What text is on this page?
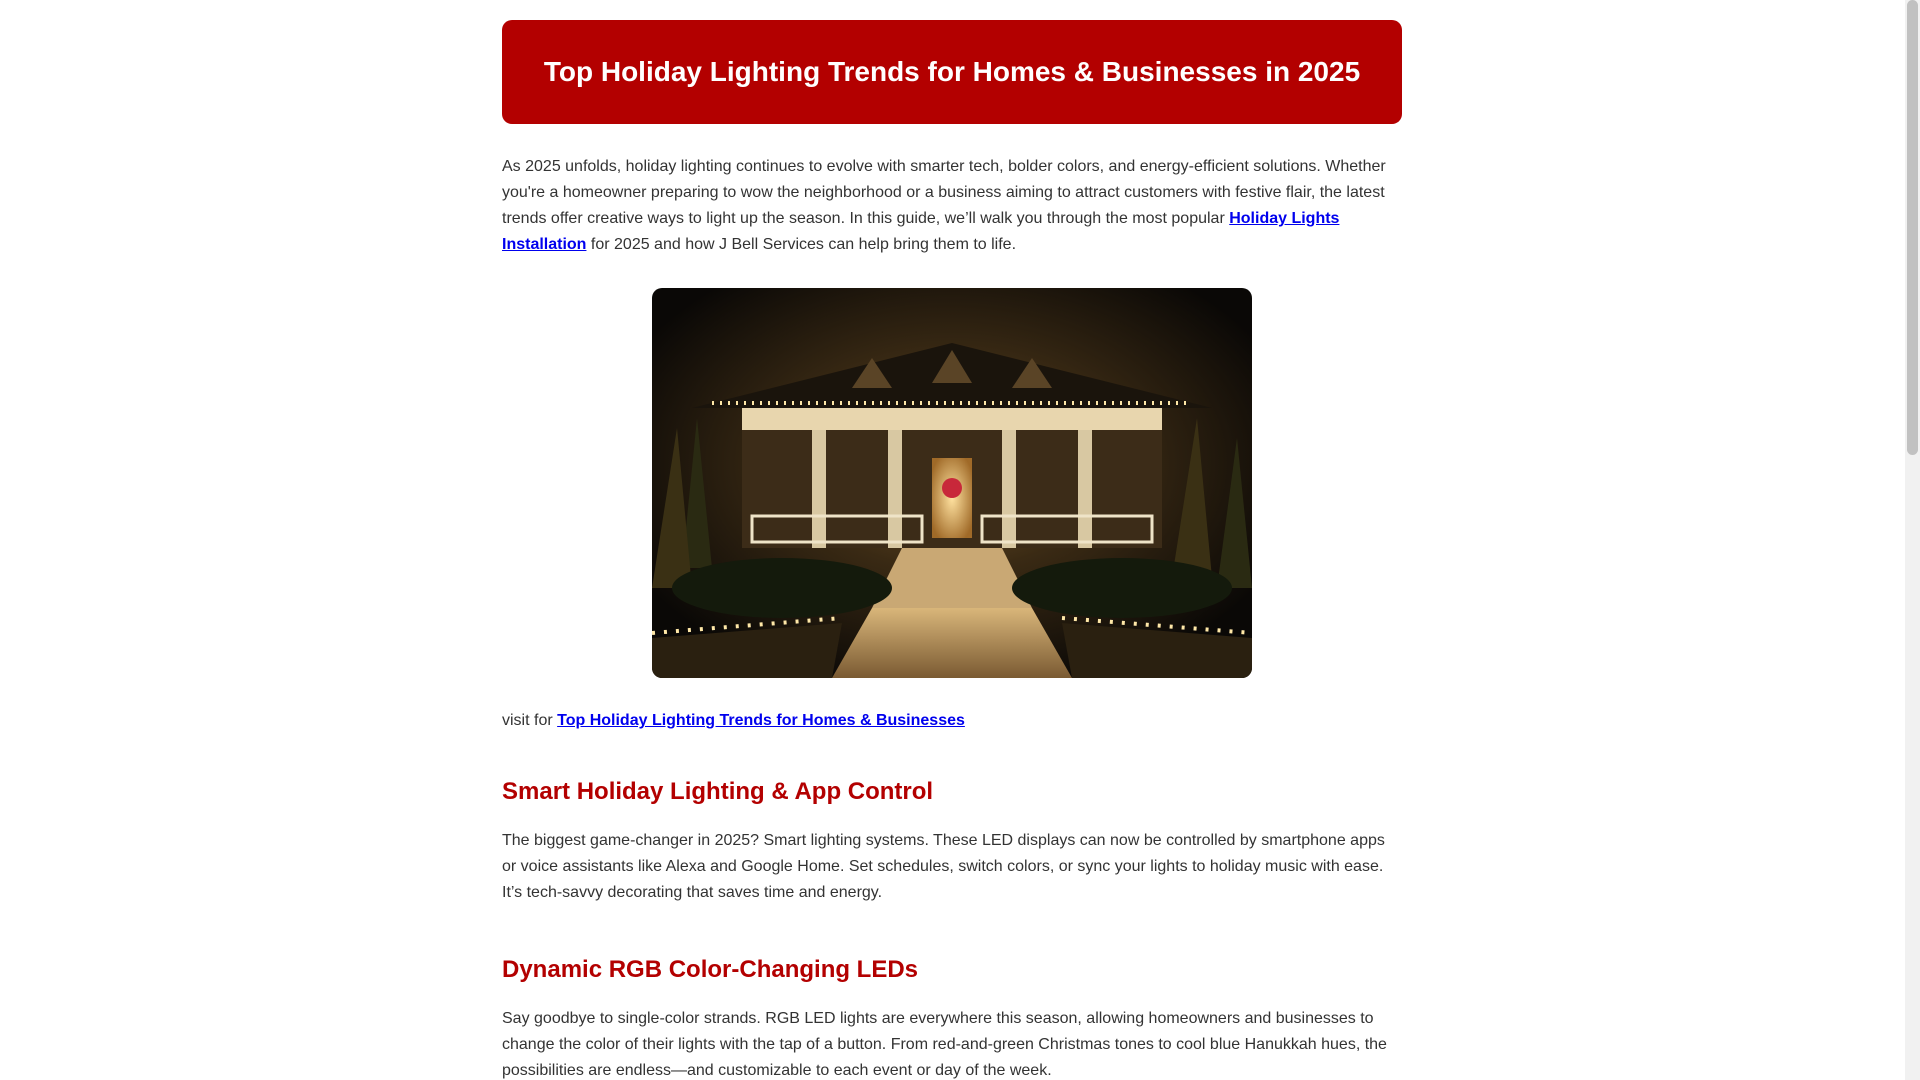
Top Holiday Lighting Trends for Homes & Businesses in 2025

As 2025 unfolds, holiday lighting continues to evolve with smarter tech, bolder colors, and energy-efficient solutions. Whether you're a homeowner preparing to wow the neighborhood or a business aiming to attract customers with festive flair, the latest trends offer creative ways to light up the season. In this guide, we’ll walk you through the most popular Holiday Lights Installation for 2025 and how J Bell Services can help bring them to life.

visit for Top Holiday Lighting Trends for Homes & Businesses

Smart Holiday Lighting & App Control

The biggest game-changer in 2025? Smart lighting systems. These LED displays can now be controlled by smartphone apps or voice assistants like Alexa and Google Home. Set schedules, switch colors, or sync your lights to holiday music with ease. It’s tech-savvy decorating that saves time and energy.

Dynamic RGB Color-Changing LEDs

Say goodbye to single-color strands. RGB LED lights are everywhere this season, allowing homeowners and businesses to change the color of their lights with the tap of a button. From red-and-green Christmas tones to cool blue Hanukkah hues, the possibilities are endless—and customizable to each event or day of the week.
